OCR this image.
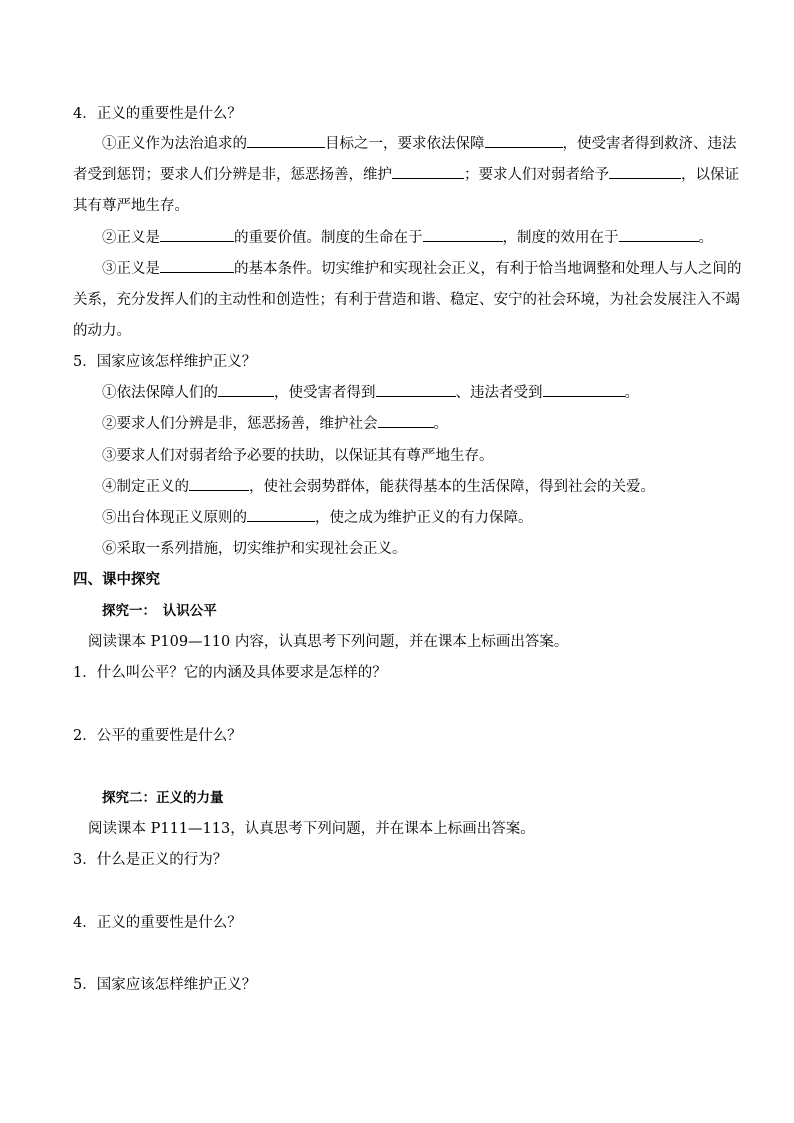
4．正义的重要性是什么？
①正义作为法治追求的	目标之一，要求依法保障	，使受害者得到救济、违法
者受到惩罚；要求人们分辨是非，惩恶扬善，维护	；要求人们对弱者给予	，以保证
其有尊严地生存。
②正义是	的重要价值。制度的生命在于	，制度的效用在于	。
③正义是	的基本条件。切实维护和实现社会正义，有利于恰当地调整和处理人与人之间的
关系，充分发挥人们的主动性和创造性；有利于营造和谐、稳定、安宁的社会环境，为社会发展注入不竭
的动力。
5．国家应该怎样维护正义？
①依法保障人们的	，使受害者得到	、违法者受到	。
②要求人们分辨是非，惩恶扬善，维护社会	。
③要求人们对弱者给予必要的扶助，以保证其有尊严地生存。
④制定正义的	，使社会弱势群体，能获得基本的生活保障，得到社会的关爱。
⑤出台体现正义原则的	，使之成为维护正义的有力保障。
⑥采取一系列措施，切实维护和实现社会正义。
四、课中探究
探究一：　认识公平
阅读课本 P109—110 内容，认真思考下列问题，并在课本上标画出答案。
1．什么叫公平？它的内涵及具体要求是怎样的？
2．公平的重要性是什么？
探究二：正义的力量
阅读课本 P111—113，认真思考下列问题，并在课本上标画出答案。
3．什么是正义的行为？
4．正义的重要性是什么？
5．国家应该怎样维护正义？
